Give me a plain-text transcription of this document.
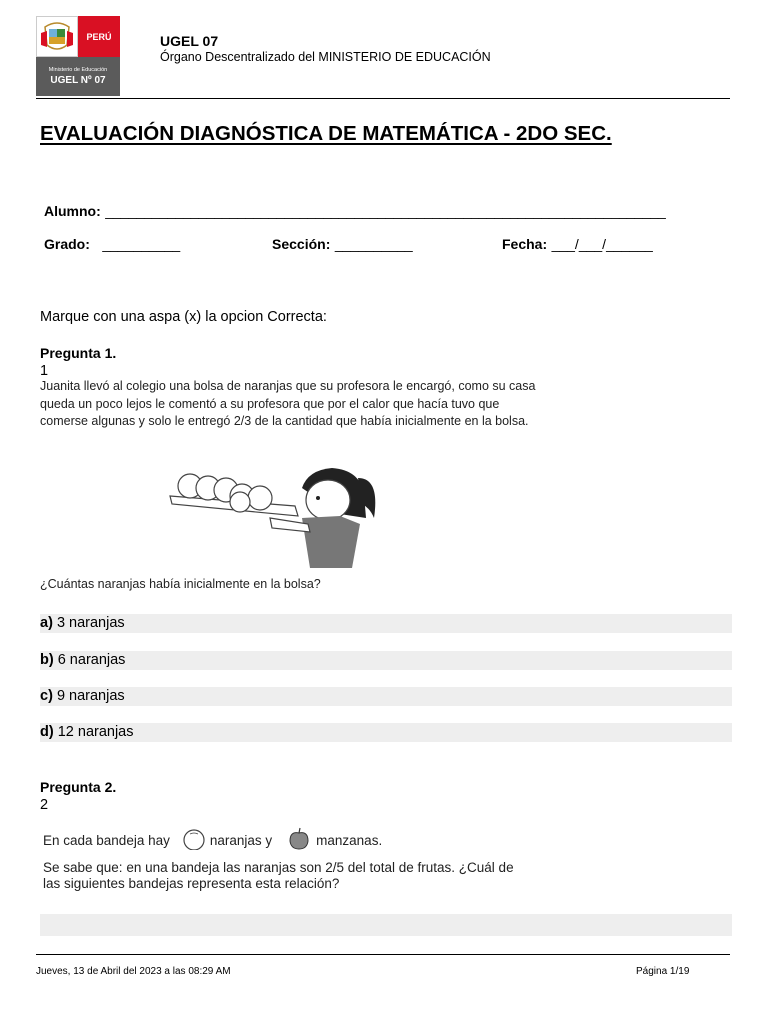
PERÚ
Ministerio de Educación
UGEL Nº 07
UGEL 07
Órgano Descentralizado del MINISTERIO DE EDUCACIÓN
EVALUACIÓN DIAGNÓSTICA DE MATEMÁTICA - 2DO SEC.
Alumno: ________________________________________________________________________
Grado: __________	Sección: __________	Fecha: ___/___/______
Marque con una aspa (x) la opcion Correcta:
Pregunta 1.
1
Juanita llevó al colegio una bolsa de naranjas que su profesora le encargó, como su casa queda un poco lejos le comentó a su profesora que por el calor que hacía tuvo que comerse algunas y solo le entregó 2/3 de la cantidad que había inicialmente en la bolsa.
¿Cuántas naranjas había inicialmente en la bolsa?
a) 3 naranjas
b) 6 naranjas
c) 9 naranjas
d) 12 naranjas
Pregunta 2.
2
En cada bandeja hay	naranjas y	manzanas.
Se sabe que: en una bandeja las naranjas son 2/5 del total de frutas. ¿Cuál de las siguientes bandejas representa esta relación?
Jueves, 13 de Abril del 2023 a las 08:29 AM	Página 1/19
